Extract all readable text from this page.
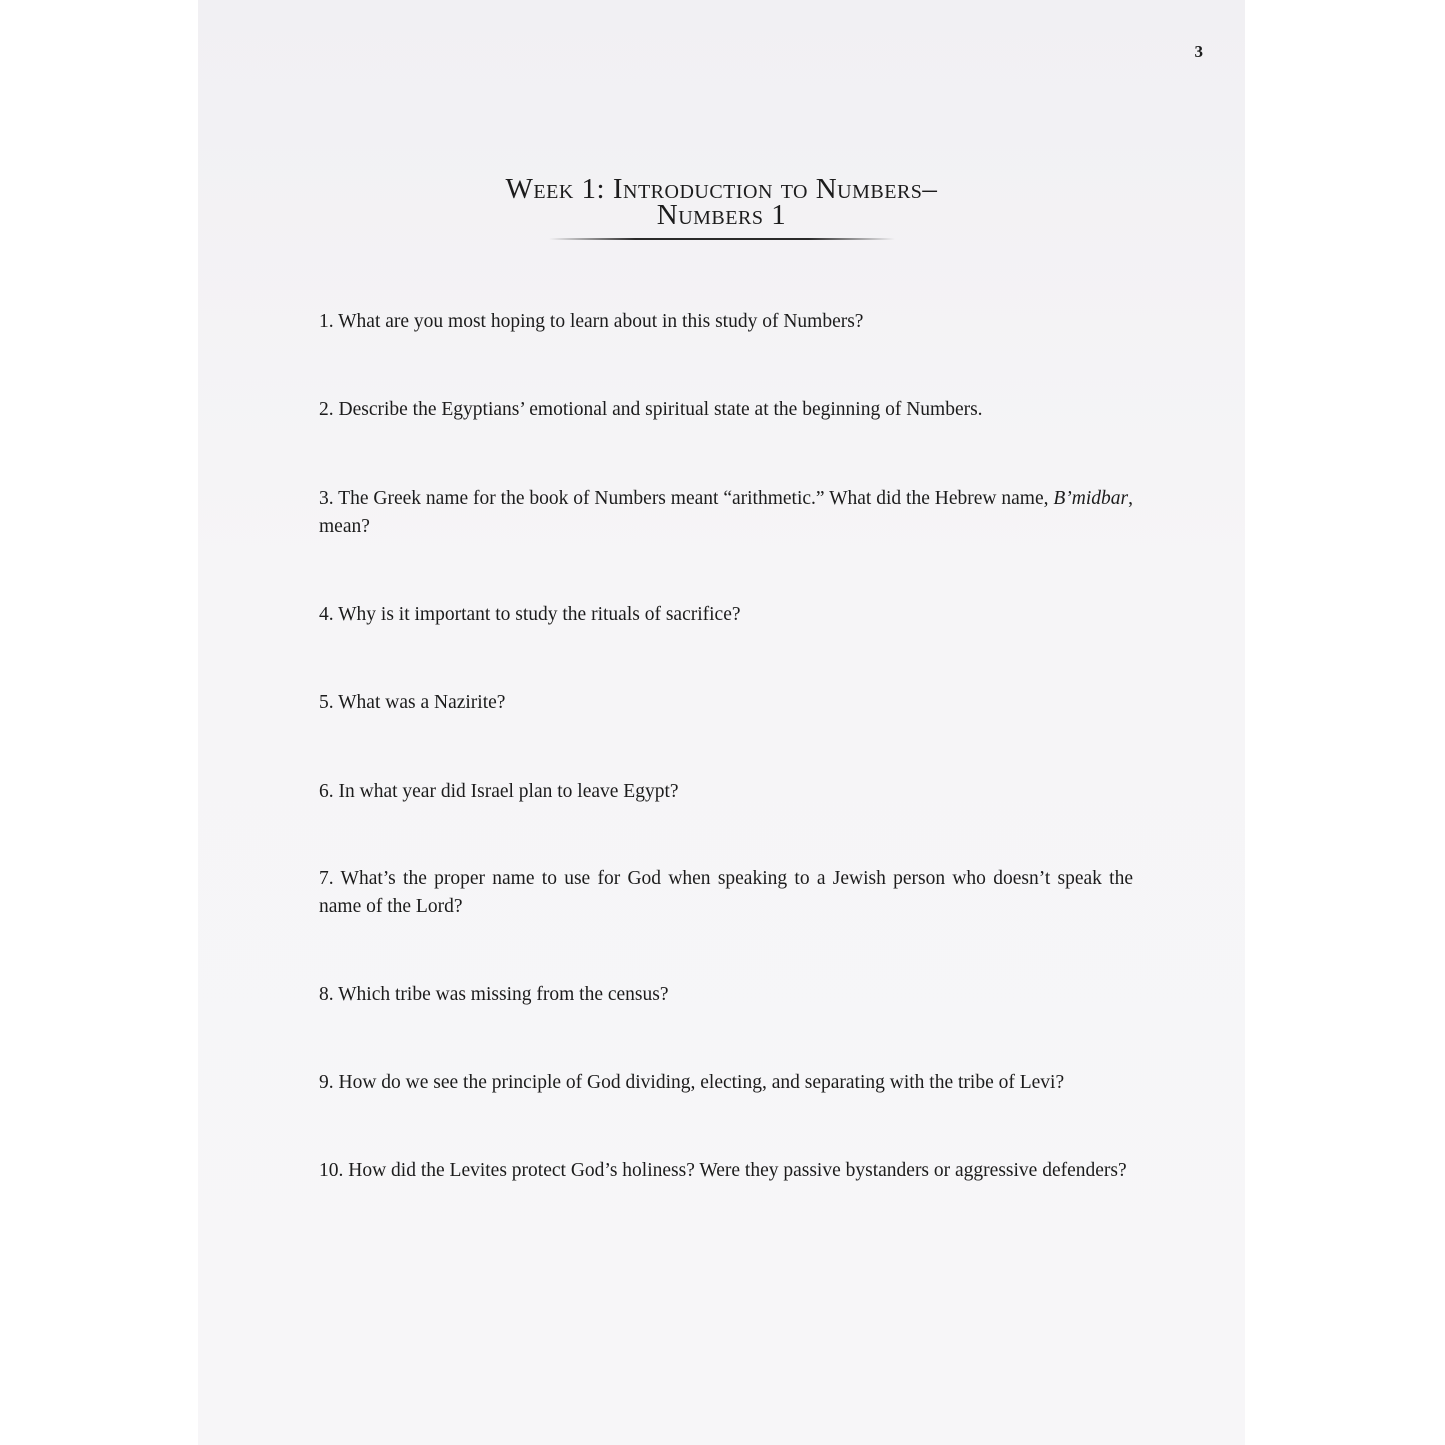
3
Week 1: Introduction to Numbers–
Numbers 1
1. What are you most hoping to learn about in this study of Numbers?
2. Describe the Egyptians’ emotional and spiritual state at the beginning of Numbers.
3. The Greek name for the book of Numbers meant “arithmetic.” What did the Hebrew name, B’midbar, mean?
4. Why is it important to study the rituals of sacrifice?
5. What was a Nazirite?
6. In what year did Israel plan to leave Egypt?
7. What’s the proper name to use for God when speaking to a Jewish person who doesn’t speak the name of the Lord?
8. Which tribe was missing from the census?
9. How do we see the principle of God dividing, electing, and separating with the tribe of Levi?
10. How did the Levites protect God’s holiness? Were they passive bystanders or aggressive defenders?
